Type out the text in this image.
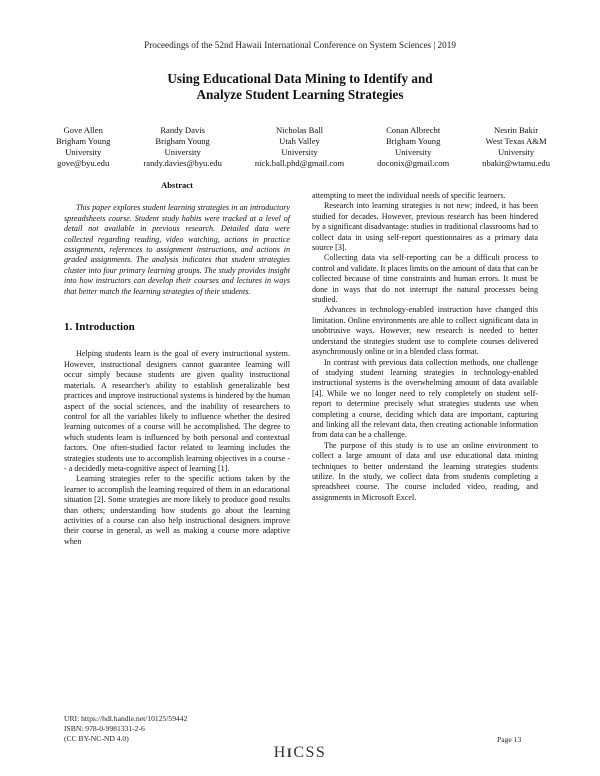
Proceedings of the 52nd Hawaii International Conference on System Sciences | 2019
Using Educational Data Mining to Identify and
Analyze Student Learning Strategies
Gove Allen
Brigham Young
University
gove@byu.edu
Randy Davis
Brigham Young
University
randy.davies@byu.edu
Nicholas Ball
Utah Valley
University
nick.ball.phd@gmail.com
Conan Albrecht
Brigham Young
University
doconix@gmail.com
Nesrin Bakir
West Texas A&M
University
nbakir@wtamu.edu
Abstract

This paper explores student learning strategies in an introductory spreadsheets course. Student study habits were tracked at a level of detail not available in previous research. Detailed data were collected regarding reading, video watching, actions in practice assignments, references to assignment instructions, and actions in graded assignments. The analysis indicates that student strategies cluster into four primary learning groups. The study provides insight into how instructors can develop their courses and lectures in ways that better match the learning strategies of their students.

1. Introduction

Helping students learn is the goal of every instructional system. However, instructional designers cannot guarantee learning will occur simply because students are given quality instructional materials. A researcher's ability to establish generalizable best practices and improve instructional systems is hindered by the human aspect of the social sciences, and the inability of researchers to control for all the variables likely to influence whether the desired learning outcomes of a course will be accomplished. The degree to which students learn is influenced by both personal and contextual factors. One often-studied factor related to learning includes the strategies students use to accomplish learning objectives in a course -- a decidedly meta-cognitive aspect of learning [1].

Learning strategies refer to the specific actions taken by the learner to accomplish the learning required of them in an educational situation [2]. Some strategies are more likely to produce good results than others; understanding how students go about the learning activities of a course can also help instructional designers improve their course in general, as well as making a course more adaptive when

attempting to meet the individual needs of specific learners.

Research into learning strategies is not new; indeed, it has been studied for decades. However, previous research has been hindered by a significant disadvantage: studies in traditional classrooms had to collect data in using self-report questionnaires as a primary data source [3].

Collecting data via self-reporting can be a difficult process to control and validate. It places limits on the amount of data that can be collected because of time constraints and human errors. It must be done in ways that do not interrupt the natural processes being studied.

Advances in technology-enabled instruction have changed this limitation. Online environments are able to collect significant data in unobtrusive ways. However, new research is needed to better understand the strategies student use to complete courses delivered asynchronously online or in a blended class format.

In contrast with previous data collection methods, one challenge of studying student learning strategies in technology-enabled instructional systems is the overwhelming amount of data available [4]. While we no longer need to rely completely on student self-report to determine precisely what strategies students use when completing a course, deciding which data are important, capturing and linking all the relevant data, then creating actionable information from data can be a challenge.

The purpose of this study is to use an online environment to collect a large amount of data and use educational data mining techniques to better understand the learning strategies students utilize. In the study, we collect data from students completing a spreadsheet course. The course included video, reading, and assignments in Microsoft Excel.

URI: https://hdl.handle.net/10125/59442
ISBN: 978-0-9981331-2-6
(CC BY-NC-ND 4.0)
HICSS
Page 13
